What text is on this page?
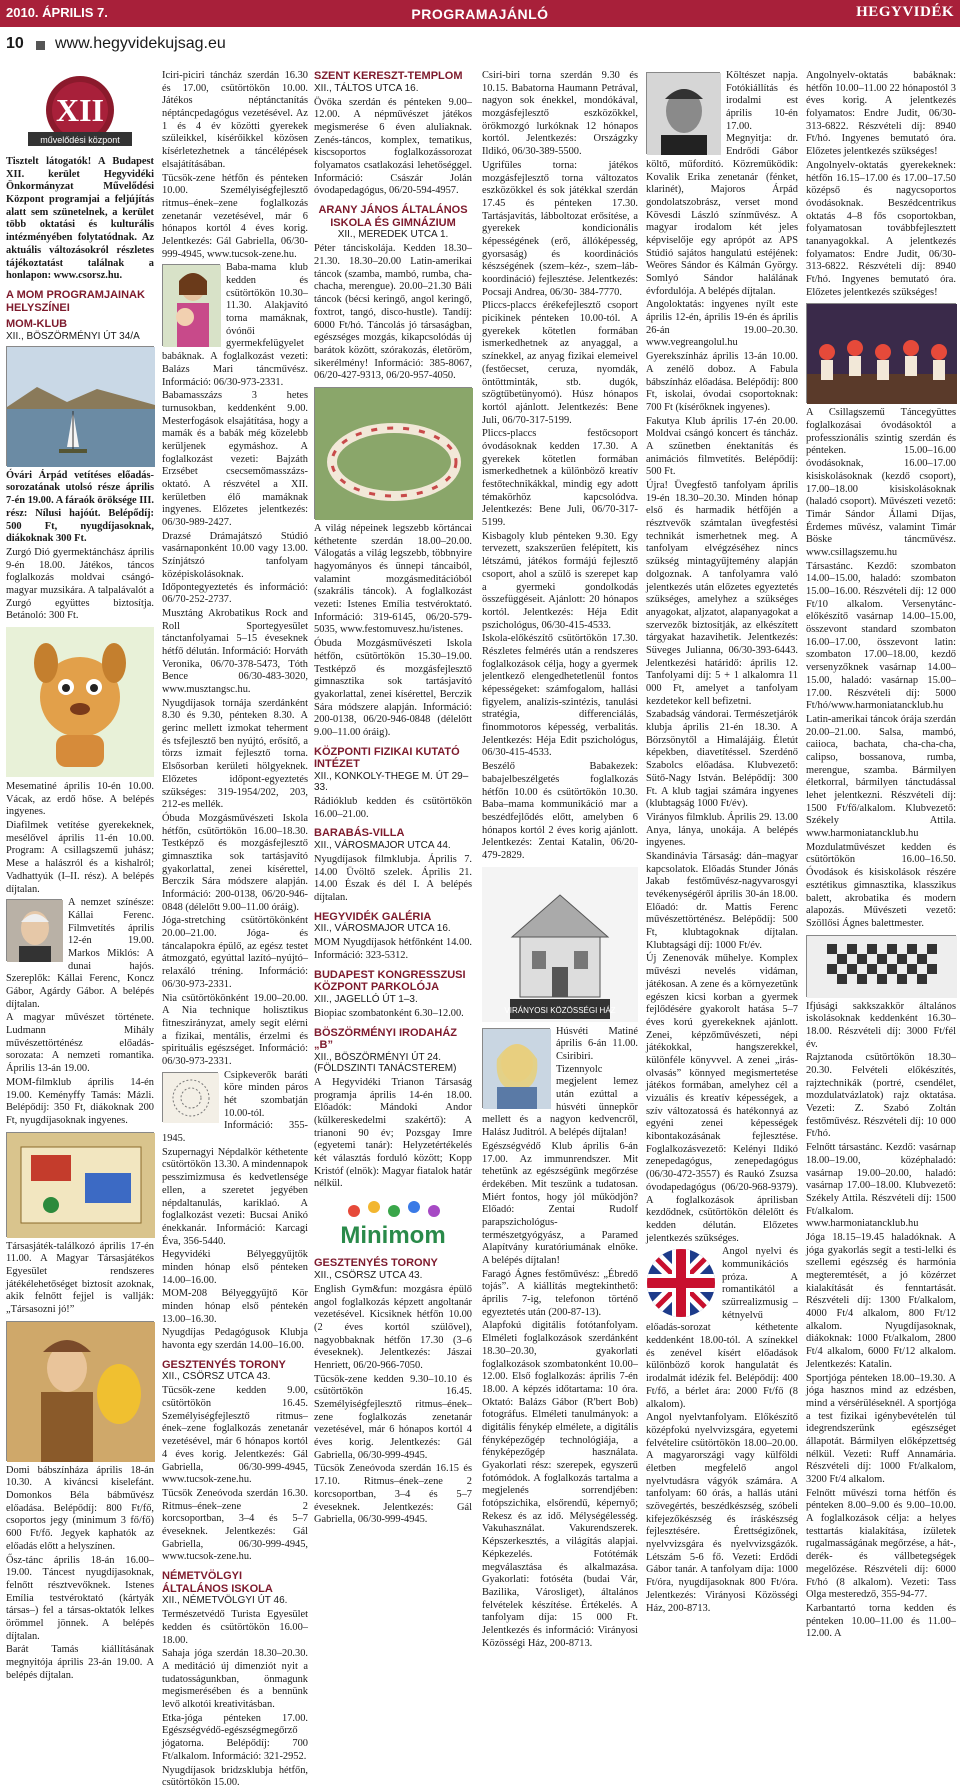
2010. ÁPRILIS 7.	PROGRAMAJÁNLÓ	HEGYVIDÉK
10 www.hegyvidekujsag.eu
XII
művelődési központ

Tisztelt látogatók! A Budapest XII. kerület Hegyvidéki Önkormányzat Művelődési Központ programjai a feljújítás alatt sem szünetelnek, a kerület több oktatási és kulturális intézményében folytatódnak. Az aktuális változásokról részletes tájékoztatást találnak a honlapon: www.csorsz.hu.

A MOM PROGRAMJAINAK HELYSZÍNEI
MOM-KLUB
XII., BÖSZÖRMÉNYI ÚT 34/A

Óvári Árpád vetítéses előadás-sorozatának utolsó része április 7-én 19.00. A fáraók öröksége III. rész: Nílusi hajóút. Belépődíj: 500 Ft, nyugdíjasoknak, diákoknak 300 Ft.

Zurgó Dió gyermektánchász április 9-én 18.00. Játékos, táncos foglalkozás moldvai csángó-magyar muzsikára. A talpalávalót a Zurgó együttes biztosítja. Betánoló: 300 Ft.

Mesematiné április 10-én 10.00. Vácak, az erdő hőse. A belépés ingyenes.

Diafilmek vetítése gyerekeknek, mesélővel április 11-én 10.00. Program: A csillagszemű juhász; Mese a halászról és a kishalról; Vadhattyúk (I–II. rész). A belépés díjtalan.

A nemzet színésze: Kállai Ferenc. Filmvetítés április 12-én 19.00. Markos Miklós: A dunai hajós. Szereplők: Kállai Ferenc, Koncz Gábor, Agárdy Gábor. A belépés díjtalan.

A magyar művészet története. Ludmann Mihály művészettörténész előadás-sorozata: A nemzeti romantika. Április 13-án 19.00.

MOM-filmklub április 14-én 19.00. Keményffy Tamás: Mázli. Belépődíj: 350 Ft, diákoknak 200 Ft, nyugdíjasoknak ingyenes.

Társasjáték-találkozó április 17-én 11.00. A Magyar Társasjátékos Egyesület rendszeres játékélehetőséget biztosít azoknak, akik felnőtt fejjel is vallják: „Társasozni jó!”

Domi bábszínháza április 18-án 10.30. A kiváncsi kiselefánt. Domonkos Béla bábművész előadása. Belépődíj: 800 Ft/fő, csoportos jegy (minimum 3 fő/fő) 600 Ft/fő. Jegyek kaphatók az előadás előtt a helyszínen.

Ősz-tánc április 18-án 16.00–19.00. Táncest nyugdíjasoknak, felnőtt résztvevőknek. Istenes Emília testvéroktató (kártyák társas–) fel a társas-oktatók lelkes örömmel jönnek. A belépés díjtalan.

Barát Tamás kiállításának megnyitója április 23-án 19.00. A belépés díjtalan.

Iciri-piciri táncház szerdán 16.30 és 17.00, csütörtökön 10.00. Játékos néptánctanítás néptáncpedagógus vezetésével. Az 1 és 4 év közötti gyerekek szüleikkel, kísérőikkel közösen kísérletezhetnek a táncélépések elsajátításában.

Tücsök-zene hétfőn és pénteken 10.00. Személyiségfejlesztő ritmus–ének–zene foglalkozás zenetanár vezetésével, már 6 hónapos kortól 4 éves korig. Jelentkezés: Gál Gabriella, 06/30-999-4945, www.tucsok-zene.hu.

Baba-mama klub kedden és csütörtökön 10.30–11.30. Alakjavító torna mamáknak, óvónői gyermekfelügyelet babáknak. A foglalkozást vezeti: Balázs Mari táncművész. Információ: 06/30-973-2331.

Babamasszázs 3 hetes turnusokban, keddenként 9.00. Mesterfogások elsajátítása, hogy a mamák és a babák még közelebb kerüljenek egymáshoz. A foglalkozást vezeti: Bajzáth Erzsébet csecsemőmasszázs-oktató. A részvétel a XII. kerületben élő mamáknak ingyenes. Előzetes jelentkezés: 06/30-989-2427.

Drazsé Drámajátszó Stúdió vasárnaponként 10.00 vagy 13.00. Színjátszó tanfolyam középiskolásoknak. Időpontegyeztetés és információ: 06/70-252-2737.

Musztáng Akrobatikus Rock and Roll Sportegyesület tánctanfolyamai 5–15 éveseknek hétfő délután. Információ: Horváth Veronika, 06/70-378-5473, Tóth Bence 06/30-483-3020, www.musztangsc.hu.

Nyugdíjasok tornája szerdánként 8.30 és 9.30, pénteken 8.30. A gerinc mellett izmokat teherment és tsfejlesztő ben nyújtó, erősítő, a törzs izmait fejlesztő torna. Elsősorban kerületi hölgyeknek. Előzetes időpont-egyeztetés szükséges: 319-1954/202, 203, 212-es mellék.

Óbuda Mozgásművészeti Iskola hétfőn, csütörtökön 16.00–18.30. Testképző és mozgásfejlesztő gimnasztika sok tartásjavító gyakorlattal, zenei kísérettel, Berczik Sára módszere alapján. Információ: 200-0138, 06/20-946-0848 (délelőtt 9.00–11.00 óráig).

Jóga-stretching csütörtökönként 20.00–21.00. Jóga- és táncalapokra épülő, az egész testet átmozgató, egyúttal lazító–nyújtó–relaxáló tréning. Információ: 06/30-973-2331.

Nia csütörtökönként 19.00–20.00. A Nia technique holisztikus fitneszirányzat, amely segít elérni a fizikai, mentális, érzelmi és spirituális egészséget. Információ: 06/30-973-2331.

Csipkeverők baráti köre minden páros hét szombatján 10.00-tól. Információ: 355-1945.

Szupernagyi Népdalkör kéthetente csütörtökön 13.30. A mindennapok pesszimizmusa és kedvetlensége ellen, a szeretet jegyében népdaltanulás, kariklaó. A foglalkozást vezeti: Bucsai Anikó énekkanár. Információ: Karcagi Éva, 356-5440.

Hegyvidéki Bélyeggyűjtők minden hónap első pénteken 14.00–16.00.

MOM-208 Bélyeggyűjtő Kör minden hónap első péntekén 13.00–16.30.

Nyugdíjas Pedagógusok Klubja havonta egy szerdán 14.00–16.00.

GESZTENYÉS TORONY
XII., CSÖRSZ UTCA 43.

Tücsök-zene kedden 9.00, csütörtökön 16.45. Személyiségfejlesztő ritmus–ének–zene foglalkozás zenetanár vezetésével, már 6 hónapos kortól 4 éves korig. Jelentkezés: Gál Gabriella, 06/30-999-4945, www.tucsok-zene.hu.

Tücsök Zeneóvoda szerdán 16.30. Ritmus–ének–zene 2 korcsoportban, 3–4 és 5–7 éveseknek. Jelentkezés: Gál Gabriella, 06/30-999-4945, www.tucsok-zene.hu.

NÉMETVÖLGYI ÁLTALÁNOS ISKOLA
XII., NÉMETVÖLGYI ÚT 46.

Természetvédő Turista Egyesület kedden és csütörtökön 16.00–18.00.

Sahaja jóga szerdán 18.30–20.30. A meditáció új dimenziót nyit a tudatosságunkban, önmagunk megismerésében és a bennünk levő alkotói kreativitásban.

Etka-jóga pénteken 17.00. Egészségvédő-egészségmegőrző jógatorna. Belépődíj: 700 Ft/alkalom. Információ: 321-2952.

Nyugdíjasok bridzsklubja hétfőn, csütörtökön 15.00.

SZENT KERESZT-TEMPLOM
XII., TÁLTOS UTCA 16.

Övőka szerdán és pénteken 9.00–12.00. A népművészet játékos megismerése 6 éven aluliaknak. Zenés-táncos, komplex, tematikus, kiscsoportos foglalkozássorozat folyamatos csatlakozási lehetőséggel. Információ: Császár Jolán óvodapedagógus, 06/20-594-4957.

ARANY JÁNOS ÁLTALÁNOS ISKOLA ÉS GIMNÁZIUM
XII., MEREDEK UTCA 1.

Péter tánciskolája. Kedden 18.30–21.30. 18.30–20.00 Latin-amerikai táncok (szamba, mambó, rumba, cha-chacha, merengue). 20.00–21.30 Báli táncok (bécsi keringő, angol keringő, foxtrot, tangó, disco-hustle). Tandíj: 6000 Ft/hó. Táncolás jó társaságban, egészséges mozgás, kikapcsolódás új barátok között, szórakozás, életöröm, sikerélmény! Információ: 385-8067, 06/20-427-9313, 06/20-957-4050.

A világ népeinek legszebb körtáncai kéthetente szerdán 18.00–20.00. Válogatás a világ legszebb, többnyire hagyományos és ünnepi táncaiból, valamint mozgásmeditációból (szakrális táncok). A foglalkozást vezeti: Istenes Emília testvéroktató. Információ: 319-6145, 06/20-579-5035, www.festomuvesz.hu/istenes.

Óbuda Mozgásművészeti Iskola hétfőn, csütörtökön 15.30–19.00. Testképző és mozgásfejlesztő gimnasztika sok tartásjavító gyakorlattal, zenei kísérettel, Berczik Sára módszere alapján. Információ: 200-0138, 06/20-946-0848 (délelőtt 9.00–11.00 óráig).

KÖZPONTI FIZIKAI KUTATÓ INTÉZET
XII., KONKOLY-THEGE M. ÚT 29–33.

Rádióklub kedden és csütörtökön 16.00–21.00.

BARABÁS-VILLA
XII., VÁROSMAJOR UTCA 44.

Nyugdíjasok filmklubja. Április 7. 14.00 Üvöltő szelek. Április 21. 14.00 Észak és dél I. A belépés díjtalan.

HEGYVIDÉK GALÉRIA
XII., VÁROSMAJOR UTCA 16.

MOM Nyugdíjasok hétfőnként 14.00. Információ: 323-5312.

BUDAPEST KONGRESSZUSI KÖZPONT PARKOLÓJA
XII., JAGELLÓ ÚT 1–3.

Biopiac szombatonként 6.30–12.00.

BÖSZÖRMÉNYI IRODAHÁZ „B”
XII., BÖSZÖRMÉNYI ÚT 24. (FÖLDSZINTI TANÁCSTEREM)

A Hegyvidéki Trianon Társaság programja április 14-én 18.00. Előadók: Mándoki Andor (külkereskedelmi szakértő): A trianoni 90 év; Pozsgay Imre (egyetemi tanár): Helyzetértékelés két választás forduló között; Kopp Kristóf (elnök): Magyar fiatalok határ nélkül.

Minimom
GESZTENYÉS TORONY
XII., CSÖRSZ UTCA 43.

English Gym&fun: mozgásra épülő angol foglalkozás képzett angoltanár vezetésével. Kicsiknek hétfőn 10.00 (2 éves kortól szülővel), nagyobbaknak hétfőn 17.30 (3–6 éveseknek). Jelentkezés: Jászai Henriett, 06/20-966-7050.

Tücsök-zene kedden 9.30–10.10 és csütörtökön 16.45. Személyiségfejlesztő ritmus–ének–zene foglalkozás zenetanár vezetésével, már 6 hónapos kortól 4 éves korig. Jelentkezés: Gál Gabriella, 06/30-999-4945.

Tücsök Zeneóvoda szerdán 16.15 és 17.10. Ritmus–ének–zene 2 korcsoportban, 3–4 és 5–7 éveseknek. Jelentkezés: Gál Gabriella, 06/30-999-4945.

Csiri-biri torna szerdán 9.30 és 10.15. Babatorna Haumann Petrával, nagyon sok énekkel, mondókával, mozgásfejlesztő eszközökkel, örökmozgó lurkóknak 12 hónapos kortól. Jelentkezés: Országzky Ildikó, 06/30-389-5500.

Ugrifüles torna: játékos mozgásfejlesztő torna változatos eszközökkel és sok játékkal szerdán 17.45 és pénteken 17.30. Tartásjavítás, lábboltozat erősítése, a gyerekek kondicionális képességének (erő, állóképesség, gyorsaság) és koordinációs készségének (szem–kéz-, szem–láb-koordináció) fejlesztése. Jelentkezés: Pocsaji Andrea, 06/30- 384-7770.

Pliccs-placcs érékefejlesztő csoport picikinek pénteken 10.00-tól. A gyerekek kötetlen formában ismerkedhetnek az anyaggal, a színekkel, az anyag fizikai elemeivel (festőecset, ceruza, nyomdák, öntöttminták, stb. dugók, szögtűbetünyomó). Húsz hónapos kortól ajánlott. Jelentkezés: Bene Juli, 06/70-317-5199.

Pliccs-placcs festőcsoport óvodásoknak kedden 17.30. A gyerekek kötetlen formában ismerkedhetnek a különböző kreatív festőtechnikákkal, mindig egy adott témakörhöz kapcsolódva. Jelentkezés: Bene Juli, 06/70-317-5199.

Kisbagoly klub pénteken 9.30. Egy tervezett, szakszerűen felépített, kis létszámú, játékos formájú fejlesztő csoport, ahol a szülő is szerepet kap a gyermeki gondolkodás összefüggéseit. Ajánlott: 20 hónapos kortól. Jelentkezés: Héja Edit pszichológus, 06/30-415-4533.

Iskola-előkészítő csütörtökön 17.30. Részletes felmérés után a rendszeres foglalkozások célja, hogy a gyermek jelentkező elengedhetetlenül fontos képességeket: számfogalom, hallási figyelem, analízis-szintézis, tanulási stratégia, differenciálás, finommotoros képesség, verbalitás. Jelentkezés: Héja Edit pszichológus, 06/30-415-4533.

Beszélő Babakezek: babajelbeszélgetés foglalkozás hétfőn 10.00 és csütörtökön 10.30. Baba–mama kommunikáció mar a beszédfejlődés előtt, amelyben 6 hónapos kortól 2 éves korig ajánlott. Jelentkezés: Zentai Katalin, 06/20-479-2829.

VIRÁNYOSI KÖZÖSSÉGI HÁZ

Húsvéti Matiné április 6-án 11.00. Csiribiri. Tizennyolc megjelent lemez után ezúttal a húsvéti ünnepkör mellett és a nagyon kedvencről, Halász Juditról. A belépés díjtalan!

Egészségvédő Klub április 6-án 17.00. Az immunrendszer. Mit tehetünk az egészségünk megőrzése érdekében. Mit teszünk a tudatosan. Miért fontos, hogy jól működjön? Előadó: Zentai Rudolf parapszichológus-természetgyógyász, a Paramed Alapítvány kuratóriumának elnöke. A belépés díjtalan!

Faragó Ágnes festőművész: „Ébredő tojás”. A kiállítás megtekinthető: április 7-ig, telefonon történő egyeztetés után (200-87-13).

Alapfokú digitális fotótanfolyam. Elméleti foglalkozások szerdánként 18.30–20.30, gyakorlati foglalkozások szombatonként 10.00–12.00. Első foglalkozás: április 7-én 18.00. A képzés időtartama: 10 óra. Oktató: Balázs Gábor (R'bert Bob) fotográfus. Elméleti tanulmányok: a digitális fénykép elmélete, a digitális fényképezőgép technológiája, a fényképezőgép használata. Gyakorlati rész: szerepek, egyszerű fotómódok. A foglalkozás tartalma a megjelenés sorrendjében: fotópszichika, elsőrendű, képernyő; Rekesz és az idő. Mélységélesség. Vakuhasználat. Vakurendszerek. Képszerkesztés, a világítás alapjai. Képkezelés. Fotótémák megválasztása és alkalmazása. Gyakorlati: fotóséta (budai Vár, Bazilika, Városliget), általános felvételek készítése. Értékelés. A tanfolyam díja: 15 000 Ft. Jelentkezés és információ: Virányosi Közösségi Ház, 200-8713.

Költészet napja. Fotókiállítás és irodalmi est április 10-én 17.00. Megnyitja: dr. Endrődi Gábor költő, műfordító. Közreműködik: Kovalik Erika zenetanár (fénket, klarinét), Majoros Árpád gondolatszobrász, verset mond Kövesdi László színművész. A magyar irodalom két jeles képviselője egy aprópót az APS Stúdió sajátos hangulatú estéjének: Weöres Sándor és Kálmán György. Somlyó Sándor halálának évfordulója. A belépés díjtalan.

Angoloktatás: ingyenes nyílt este április 12-én, április 19-én és április 26-án 19.00–20.30. www.vegreangolul.hu

Gyerekszínház április 13-án 10.00. A zenélő doboz. A Fabula bábszínház előadása. Belépődíj: 800 Ft, iskolai, óvodai csoportoknak: 700 Ft (kísérőknek ingyenes).

Fakutya Klub április 17-én 20.00. Moldvai csángó koncert és táncház. A szünetben énektanítás és animációs filmvetítés. Belépődíj: 500 Ft.

Újra! Üvegfestő tanfolyam április 19-én 18.30–20.30. Minden hónap első és harmadik hétfőjén a résztvevők számtalan üvegfestési technikát ismerhetnek meg. A tanfolyam elvégzéséhez nincs szükség mintagyűjtemény alapján dolgoznak. A tanfolyamra való jelentkezés után előzetes egyeztetés szükséges, amelyhez a szükséges anyagokat, aljzatot, alapanyagokat a szervezők biztosítják, az elkészített tárgyakat hazavihetik. Jelentkezés: Süveges Julianna, 06/30-393-6443. Jelentkezési határidő: április 12. Tanfolyami díj: 5 + 1 alkalomra 11 000 Ft, amelyet a tanfolyam kezdetekor kell befizetni.

Szabadság vándorai. Természetjárók klubja április 21-én 18.30. A Börzsönytől a Himalájáig. Életút képekben, diavetítéssel. Szerdénő Szabolcs előadása. Klubvezető: Sütő-Nagy István. Belépődíj: 300 Ft. A klub tagjai számára ingyenes (klubtagság 1000 Ft/év).

Virányos filmklub. Április 29. 13.00 Anya, lánya, unokája. A belépés ingyenes.

Skandinávia Társaság: dán–magyar kapcsolatok. Előadás Stunder Jónás Jakab festőművész-nagyvarosgyi tevékenységéről április 30-án 18.00. Előadó: dr. Mattis Ferenc művészettörténész. Belépődíj: 500 Ft, klubtagoknak díjtalan. Klubtagsági díj: 1000 Ft/év.

Új Zenenovák műhelye. Komplex művészi nevelés vidáman, játékosan. A zene és a környezetünk egészen kicsi korban a gyermek fejlődésére gyakorolt hatása 5–7 éves korú gyerekeknek ajánlott. Zenei, képzőművészeti, népi játékokkal, hangszerekkel, különféle könyvvel. A zenei „irás-olvasás” könnyed megismertetése játékos formában, amelyhez cél a vizuális és kreatív képességek, a szív változatossá és hatékonnyá az egyéni zenei képességek kibontakozásának fejlesztése. Foglalkozásvezető: Kelényi Ildikó zenepedagógus, zenepedagógus (06/30-472-3557) és Raukó Zsuzsa óvodapedagógus (06/20-968-9379). A foglalkozások áprilisban kezdődnek, csütörtökön délelőtt és kedden délután. Előzetes jelentkezés szükséges.

Angol nyelvi és kommunikációs próza. A romantikától a szürrealizmusig – kétnyelvű előadás-sorozat kéthetente keddenként 18.00-tól. A színekkel és zenével kísért előadások különböző korok hangulatát és irodalmát idézik fel. Belépődíj: 400 Ft/fő, a bérlet ára: 2000 Ft/fő (8 alkalom).

Angol nyelvtanfolyam. Előkészítő középfokú nyelvvizsgára, egyetemi felvételire csütörtökön 18.00–20.00. A magyarországi vagy külföldi életben megfelelő angol nyelvtudásra vágyók számára. A tanfolyam: 60 órás, a hallás utáni szövegértés, beszédkészség, szóbeli kifejezőkészség és íráskészség fejlesztésére. Érettségizőnek, nyelvvizsgára és nyelvvizsgázók. Létszám 5-6 fő. Vezeti: Erdődi Gábor tanár. A tanfolyam díja: 1000 Ft/óra, nyugdíjasoknak 800 Ft/óra. Jelentkezés: Virányosi Közösségi Ház, 200-8713.

Angolnyelv-oktatás babáknak: hétfőn 10.00–11.00 22 hónapostól 3 éves korig. A jelentkezés folyamatos: Endre Judit, 06/30-313-6822. Részvételi díj: 8940 Ft/hó. Ingyenes bemutató óra. Előzetes jelentkezés szükséges!

Angolnyelv-oktatás gyerekeknek: hétfőn 16.15–17.00 és 17.00–17.50 középső és nagycsoportos óvodásoknak. Beszédcentrikus oktatás 4–8 fős csoportokban, folyamatosan továbbfejlesztett tananyagokkal. A jelentkezés folyamatos: Endre Judit, 06/30-313-6822. Részvételi díj: 8940 Ft/hó. Ingyenes bemutató óra. Előzetes jelentkezés szükséges!

A Csillagszemű Táncegyüttes foglalkozásai óvodásoktól a professzionális szintig szerdán és pénteken. 15.00–16.00 óvodásoknak, 16.00–17.00 kisiskolásoknak (kezdő csoport), 17.00–18.00 kisiskolásoknak (haladó csoport). Művészeti vezető: Timár Sándor Állami Díjas, Érdemes művész, valamint Timár Böske táncművész. www.csillagszemu.hu

Társastánc. Kezdő: szombaton 14.00–15.00, haladó: szombaton 15.00–16.00. Részvételi díj: 12 000 Ft/10 alkalom. Versenytánc-előkészítő vasárnap 14.00–15.00, összevont standard szombaton 16.00–17.00, összevont latin: szombaton 17.00–18.00, kezdő versenyzőknek vasárnap 14.00–15.00, haladó: vasárnap 15.00–17.00. Részvételi díj: 5000 Ft/hó/www.harmoniatancklub.hu

Latin-amerikai táncok órája szerdán 20.00–21.00. Salsa, mambó, caiioca, bachata, cha-cha-cha, calipso, bossanova, rumba, merengue, szamba. Bármilyen életkorral, bármilyen tánctudással lehet jelentkezni. Részvételi díj: 1500 Ft/fő/alkalom. Klubvezető: Székely Attila. www.harmoniatancklub.hu

Mozdulatművészet kedden és csütörtökön 16.00–16.50. Óvodások és kisiskolások részére esztétikus gimnasztika, klasszikus balett, akrobatika és modern alapozás. Művészeti vezető: Szöllősi Ágnes balettmester.

Ifjúsági sakkszakkör általános iskolásoknak keddenként 16.30–18.00. Részvételi díj: 3000 Ft/fél év.

Rajztanoda csütörtökön 18.30–20.30. Felvételi előkészítés, rajztechnikák (portré, csendélet, mozdulatvázlatok) rajz oktatása. Vezeti: Z. Szabó Zoltán festőművész. Részvételi díj: 10 000 Ft/hó.

Felnőtt társastánc. Kezdő: vasárnap 18.00–19.00, középhaladó: vasárnap 19.00–20.00, haladó: vasárnap 17.00–18.00. Klubvezető: Székely Attila. Részvételi díj: 1500 Ft/alkalom. www.harmoniatancklub.hu

Jóga 18.15–19.45 haladóknak. A jóga gyakorlás segít a testi-lelki és szellemi egészség és harmónia megteremtését, a jó közérzet kialakítását és fenntartását. Részvételi díj: 1300 Ft/alkalom, 4000 Ft/4 alkalom, 800 Ft/12 alkalom. Nyugdíjasoknak, diákoknak: 1000 Ft/alkalom, 2800 Ft/4 alkalom, 6000 Ft/12 alkalom. Jelentkezés: Katalin.

Sportjóga pénteken 18.00–19.30. A jóga hasznos mind az edzésben, mind a vérsérüléseknél. A sportjóga a test fizikai igénybevételén túl idegrendszerünk egészséget állapotát. Bármilyen előképzettség nélkül. Vezeti: Ruff Annamária. Részvételi díj: 1000 Ft/alkalom, 3200 Ft/4 alkalom.

Felnőtt művészi torna hétfőn és pénteken 8.00–9.00 és 9.00–10.00. A foglalkozások célja: a helyes testtartás kialakítása, ízületek rugalmasságának megőrzése, a hát-, derék- és vállbetegségek megelőzése. Részvételi díj: 6000 Ft/hó (8 alkalom). Vezeti: Tass Olga mesteredző, 355-94-77.

Karbantartó torna kedden és pénteken 10.00–11.00 és 11.00–12.00. A
